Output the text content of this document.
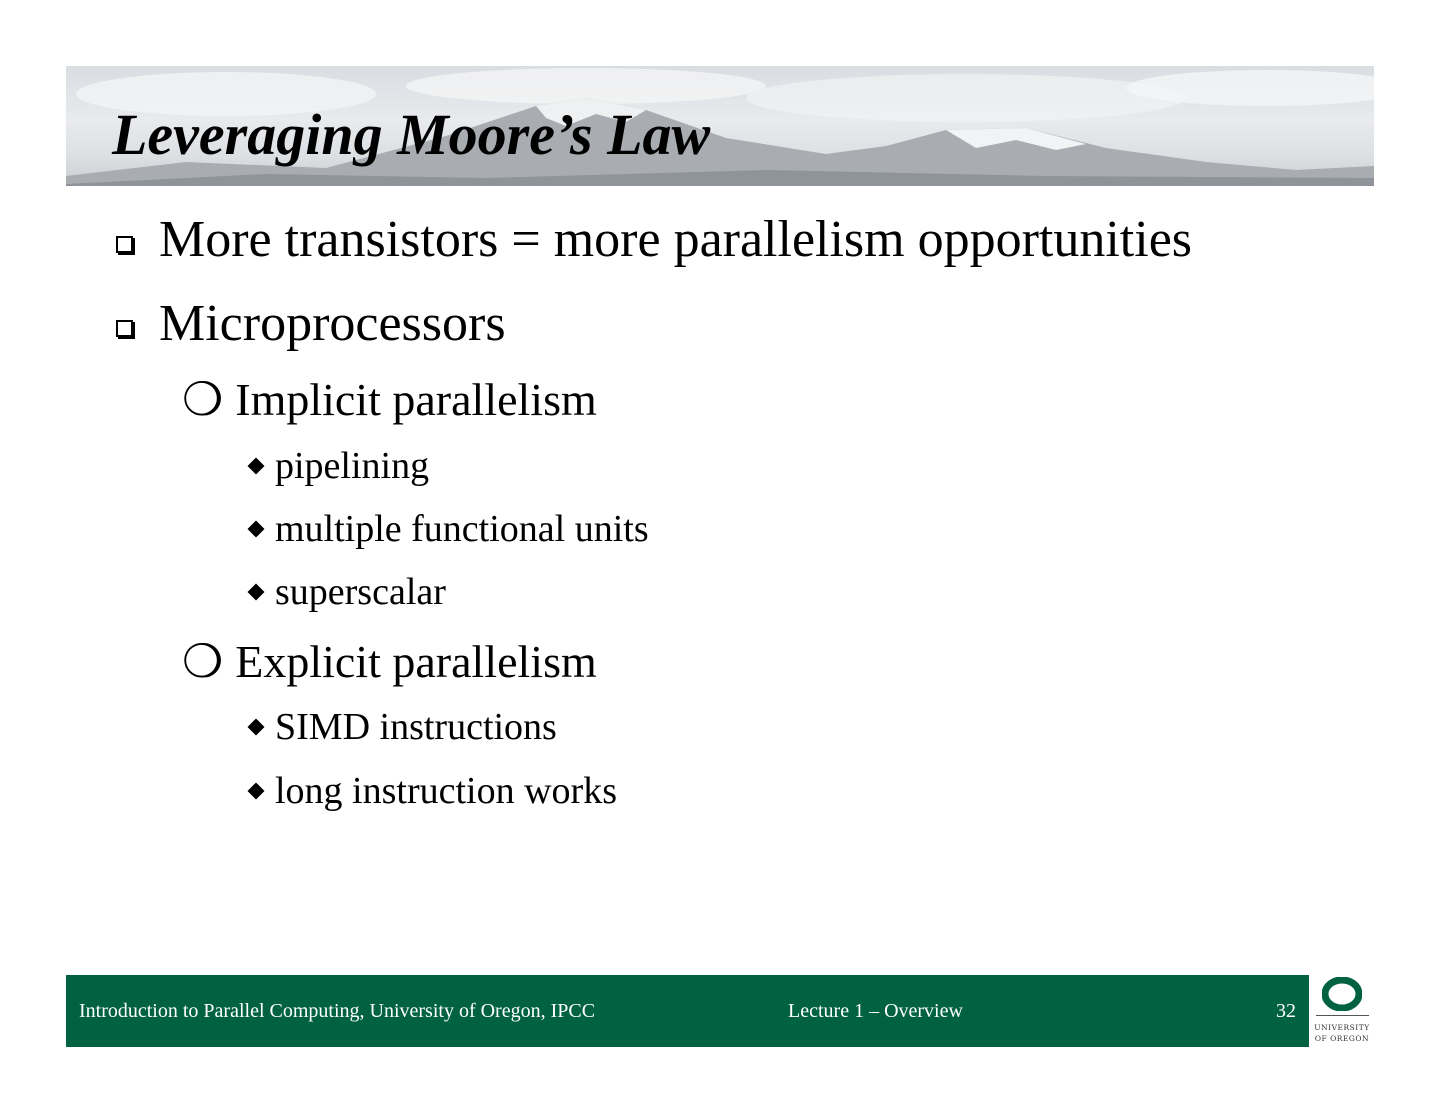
Leveraging Moore’s Law
More transistors = more parallelism opportunities
Microprocessors
❍ Implicit parallelism
pipelining
multiple functional units
superscalar
❍ Explicit parallelism
SIMD instructions
long instruction works
Introduction to Parallel Computing, University of Oregon, IPCC	Lecture 1 – Overview	32
UNIVERSITY
OF OREGON
